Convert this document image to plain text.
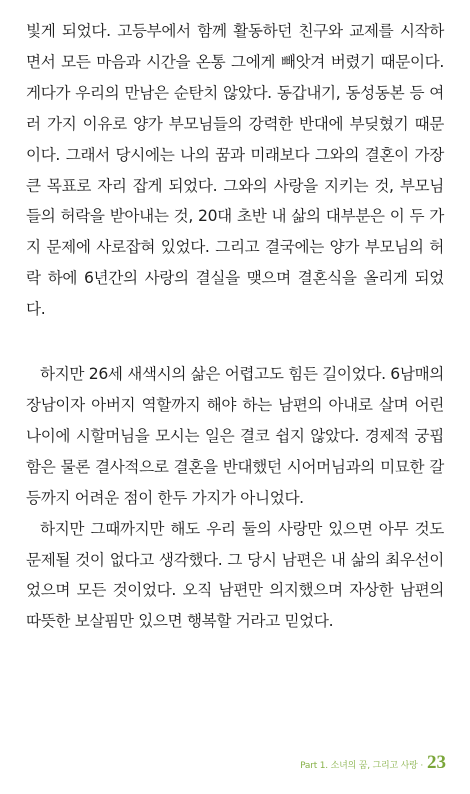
빛게 되었다. 고등부에서 함께 활동하던 친구와 교제를 시작하면서 모든 마음과 시간을 온통 그에게 빼앗겨 버렸기 때문이다. 게다가 우리의 만남은 순탄치 않았다. 동갑내기, 동성동본 등 여러 가지 이유로 양가 부모님들의 강력한 반대에 부딪혔기 때문이다. 그래서 당시에는 나의 꿈과 미래보다 그와의 결혼이 가장 큰 목표로 자리 잡게 되었다. 그와의 사랑을 지키는 것, 부모님들의 허락을 받아내는 것, 20대 초반 내 삶의 대부분은 이 두 가지 문제에 사로잡혀 있었다. 그리고 결국에는 양가 부모님의 허락 하에 6년간의 사랑의 결실을 맺으며 결혼식을 올리게 되었다.

하지만 26세 새색시의 삶은 어렵고도 힘든 길이었다. 6남매의 장남이자 아버지 역할까지 해야 하는 남편의 아내로 살며 어린 나이에 시할머님을 모시는 일은 결코 쉽지 않았다. 경제적 궁핍함은 물론 결사적으로 결혼을 반대했던 시어머님과의 미묘한 갈등까지 어려운 점이 한두 가지가 아니었다.

하지만 그때까지만 해도 우리 둘의 사랑만 있으면 아무 것도 문제될 것이 없다고 생각했다. 그 당시 남편은 내 삶의 최우선이었으며 모든 것이었다. 오직 남편만 의지했으며 자상한 남편의 따뜻한 보살핌만 있으면 행복할 거라고 믿었다.

Part 1. 소녀의 꿈, 그리고 사랑 · 23
